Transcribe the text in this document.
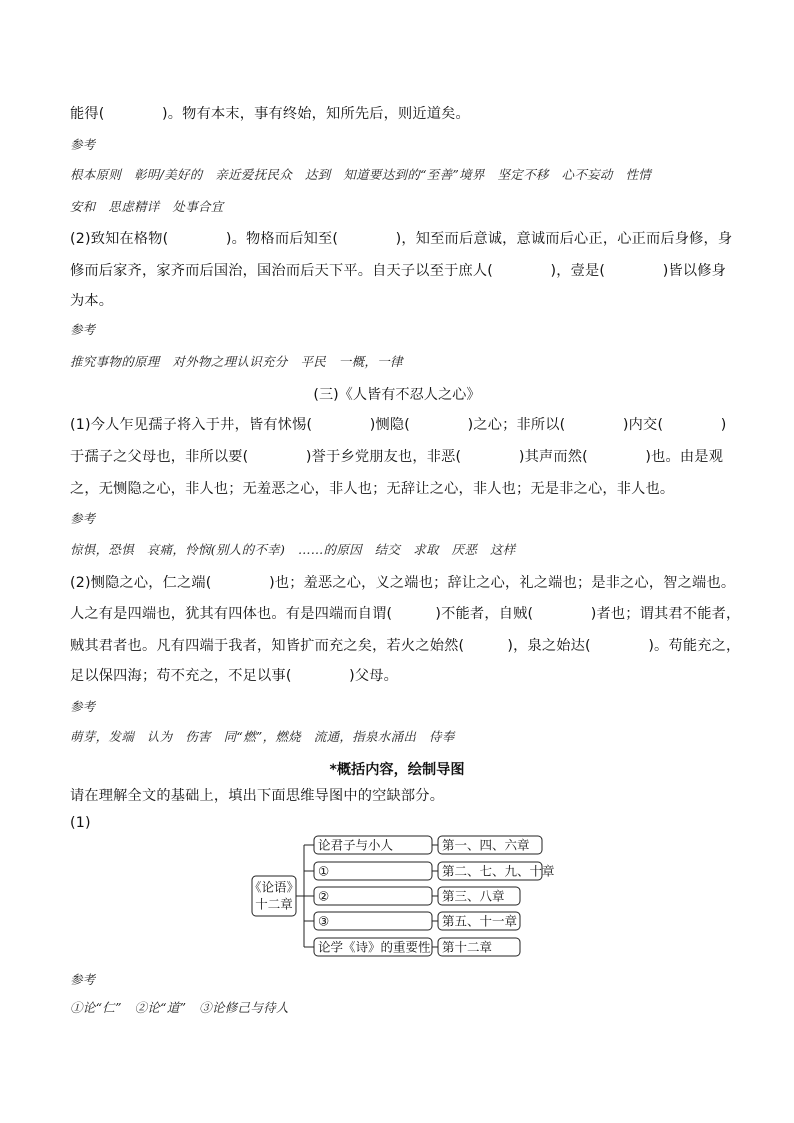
《论语》
十二章
论君子与小人	第一、四、六章
①	第二、七、九、十章
②	第三、八章
③	第五、十一章
论学《诗》的重要性 第十二章

能得(　　　　)。物有本末，事有终始，知所先后，则近道矣。

参考

根本原则　彰明/美好的　亲近爱抚民众　达到　知道要达到的“至善”境界　坚定不移　心不妄动　性情

安和　思虑精详　处事合宜

(2)致知在格物(　　　　)。物格而后知至(　　　　)，知至而后意诚，意诚而后心正，心正而后身修，身

修而后家齐，家齐而后国治，国治而后天下平。自天子以至于庶人(　　　　)，壹是(　　　　)皆以修身

为本。

参考

推究事物的原理　对外物之理认识充分　平民　一概，一律

(三)《人皆有不忍人之心》

(1)今人乍见孺子将入于井，皆有怵惕(　　　　)恻隐(　　　　)之心；非所以(　　　　)内交(　　　　)

于孺子之父母也，非所以要(　　　　)誉于乡党朋友也，非恶(　　　　)其声而然(　　　　)也。由是观

之，无恻隐之心，非人也；无羞恶之心，非人也；无辞让之心，非人也；无是非之心，非人也。

参考

惊惧，恐惧　哀痛，怜悯(别人的不幸)　……的原因　结交　求取　厌恶　这样

(2)恻隐之心，仁之端(　　　　)也；羞恶之心，义之端也；辞让之心，礼之端也；是非之心，智之端也。

人之有是四端也，犹其有四体也。有是四端而自谓(　　　)不能者，自贼(　　　　)者也；谓其君不能者，

贼其君者也。凡有四端于我者，知皆扩而充之矣，若火之始然(　　　)，泉之始达(　　　　)。苟能充之，

足以保四海；苟不充之，不足以事(　　　　)父母。

参考

萌芽，发端　认为　伤害　同“燃”，燃烧　流通，指泉水涌出　侍奉

*概括内容，绘制导图

请在理解全文的基础上，填出下面思维导图中的空缺部分。

(1)

参考

①论“仁”　②论“道”　③论修己与待人
